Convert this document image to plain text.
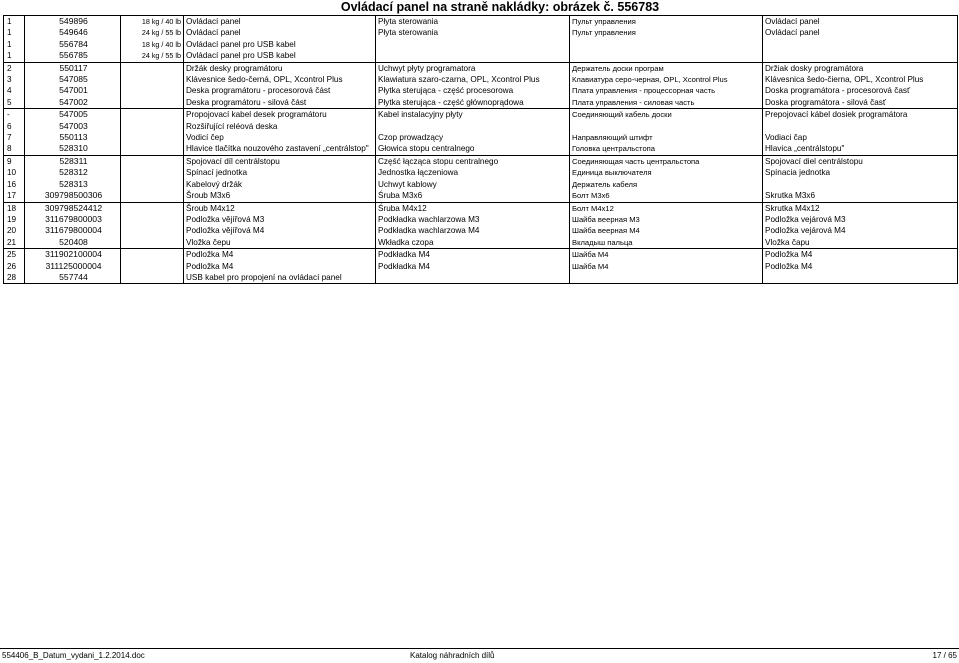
Ovládací panel na straně nakládky: obrázek č. 556783
1	549896	18 kg / 40 lb	Ovládací panel	Płyta sterowania	Пульт управления	Ovládací panel
1	549646	24 kg / 55 lb	Ovládací panel	Płyta sterowania	Пульт управления	Ovládací panel
1	556784	18 kg / 40 lb	Ovládací panel pro USB kabel			
1	556785	24 kg / 55 lb	Ovládací panel pro USB kabel			
2	550117		Držák desky programátoru	Uchwyt płyty programatora	Держатель доски програм	Držiak dosky programátora
3	547085		Klávesnice šedo-černá, OPL, Xcontrol Plus	Klawiatura szaro-czarna, OPL, Xcontrol Plus	Клавиатура серо-черная, OPL, Xcontrol Plus	Klávesnica šedo-čierna, OPL, Xcontrol Plus
4	547001		Deska programátoru - procesorová část	Płytka sterująca - część procesorowa	Плата управления - процессорная часть	Doska programátora - procesorová časť
5	547002		Deska programátoru - silová část	Płytka sterująca - część głównoprądowa	Плата управления - силовая часть	Doska programátora - silová časť
-	547005		Propojovací kabel desek programátoru	Kabel instalacyjny płyty	Соединяющий кабель доски	Prepojovací kábel dosiek programátora
6	547003		Rozšiřující reléová deska			
7	550113		Vodicí čep	Czop prowadzący	Направляющий штифт	Vodiaci čap
8	528310		Hlavice tlačítka nouzového zastavení „centrálstop"	Głowica stopu centralnego	Головка центральстопа	Hlavica „centrálstopu"
9	528311		Spojovací díl centrálstopu	Część łącząca stopu centralnego	Соединяющая часть центральстопа	Spojovací diel centrálstopu
10	528312		Spínací jednotka	Jednostka łączeniowa	Единица выключателя	Spínacia jednotka
16	528313		Kabelový držák	Uchwyt kablowy	Держатель кабеля	
17	309798500306		Šroub M3x6	Śruba M3x6	Болт M3x6	Skrutka M3x6
18	309798524412		Šroub M4x12	Śruba M4x12	Болт M4x12	Skrutka M4x12
19	311679800003		Podložka vějířová M3	Podkładka wachlarzowa M3	Шайба веерная M3	Podložka vejárová M3
20	311679800004		Podložka vějířová M4	Podkładka wachlarzowa M4	Шайба веерная M4	Podložka vejárová M4
21	520408		Vložka čepu	Wkładka czopa	Вкладыш пальца	Vložka čapu
25	311902100004		Podložka M4	Podkładka M4	Шайба M4	Podložka M4
26	311125000004		Podložka M4	Podkładka M4	Шайба M4	Podložka M4
28	557744		USB kabel pro propojení na ovládací panel			
554406_B_Datum_vydani_1.2.2014.doc	Katalog náhradních dílů	17 / 65
